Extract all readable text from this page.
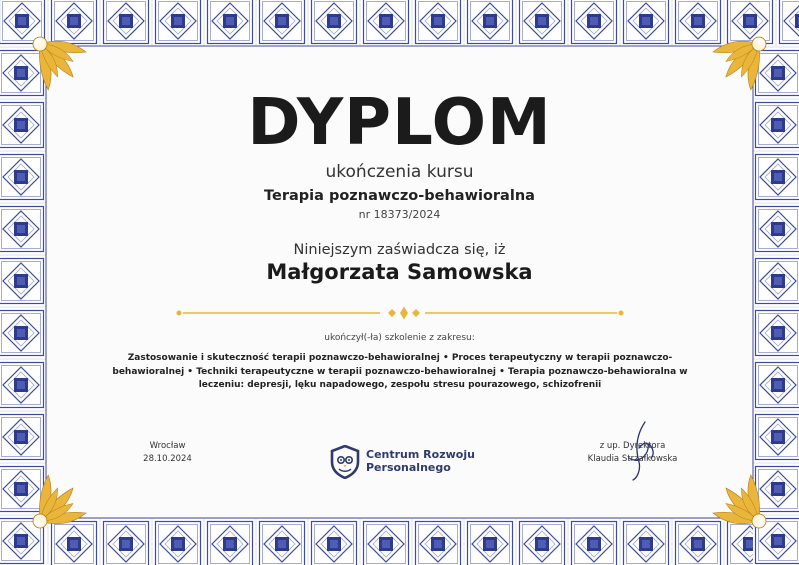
DYPLOM
ukończenia kursu
Terapia poznawczo-behawioralna
nr 18373/2024
Niniejszym zaświadcza się, iż
Małgorzata Samowska
ukończył(-ła) szkolenie z zakresu:
Zastosowanie i skuteczność terapii poznawczo-behawioralnej • Proces terapeutyczny w terapii poznawczo-behawioralnej • Techniki terapeutyczne w terapii poznawczo-behawioralnej • Terapia poznawczo-behawioralna w leczeniu: depresji, lęku napadowego, zespołu stresu pourazowego, schizofrenii
Wrocław
28.10.2024	Centrum Rozwoju
Personalnego
z up. Dyrektora
Klaudia Strzałkowska
